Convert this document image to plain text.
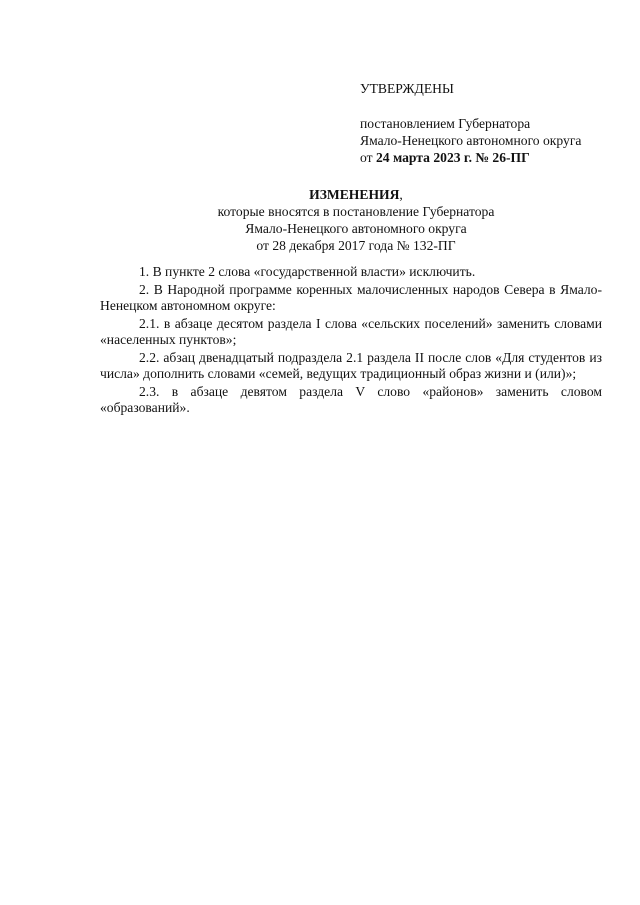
УТВЕРЖДЕНЫ
постановлением Губернатора
Ямало-Ненецкого автономного округа
от 24 марта 2023 г. № 26-ПГ
ИЗМЕНЕНИЯ,
которые вносятся в постановление Губернатора
Ямало-Ненецкого автономного округа
от 28 декабря 2017 года № 132-ПГ

1. В пункте 2 слова «государственной власти» исключить.

2. В Народной программе коренных малочисленных народов Севера в Ямало-Ненецком автономном округе:

2.1. в абзаце десятом раздела I слова «сельских поселений» заменить словами «населенных пунктов»;

2.2. абзац двенадцатый подраздела 2.1 раздела II после слов «Для студентов из числа» дополнить словами «семей, ведущих традиционный образ жизни и (или)»;

2.3. в абзаце девятом раздела V слово «районов» заменить словом «образований».
